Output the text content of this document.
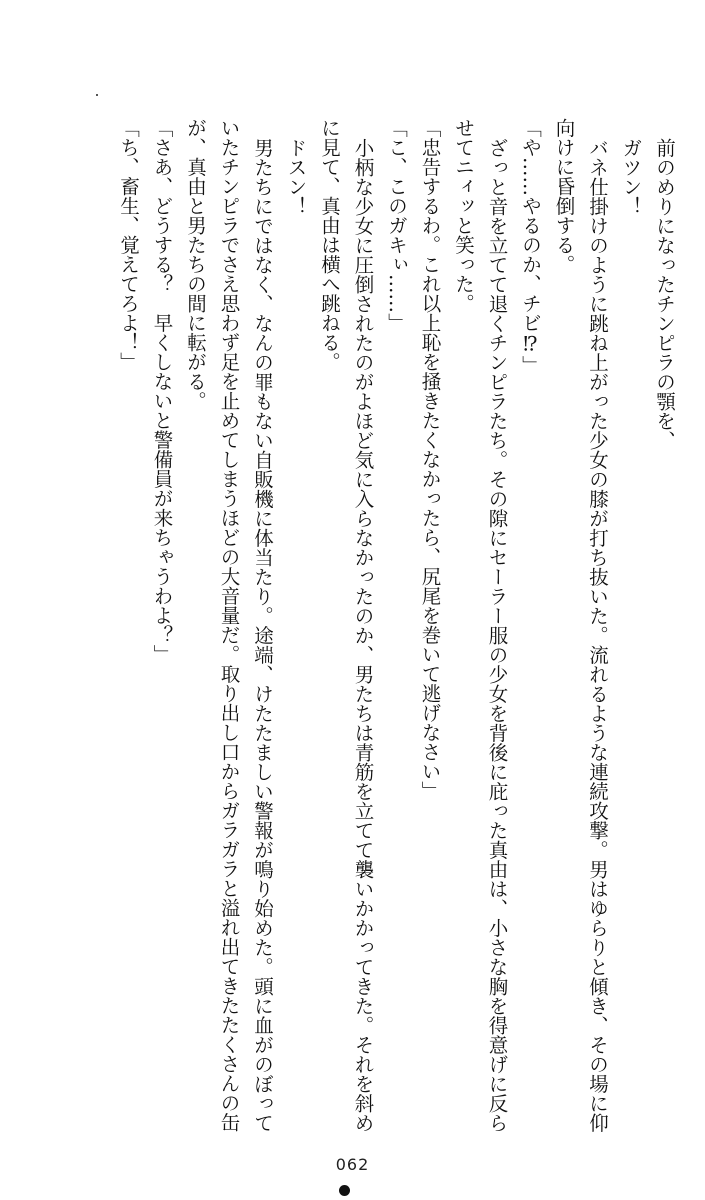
前のめりになったチンピラの顎を、

ガツン！

バネ仕掛けのように跳ね上がった少女の膝が打ち抜いた。流れるような連続攻撃。男はゆらりと傾き、その場に仰向けに昏倒する。

「や……やるのか、チビ⁉」

ざっと音を立てて退くチンピラたち。その隙にセーラー服の少女を背後に庇った真由は、小さな胸を得意げに反らせてニィッと笑った。

「忠告するわ。これ以上恥を掻きたくなかったら、尻尾を巻いて逃げなさい」

「こ、このガキぃ……」

小柄な少女に圧倒されたのがよほど気に入らなかったのか、男たちは青筋を立てて襲いかかってきた。それを斜めに見て、真由は横へ跳ねる。

ドスン！

男たちにではなく、なんの罪もない自販機に体当たり。途端、けたたましい警報が鳴り始めた。頭に血がのぼっていたチンピラでさえ思わず足を止めてしまうほどの大音量だ。取り出し口からガラガラと溢れ出てきたたくさんの缶が、真由と男たちの間に転がる。

「さあ、どうする？　早くしないと警備員が来ちゃうわよ？」

「ち、畜生、覚えてろよ！」

062
